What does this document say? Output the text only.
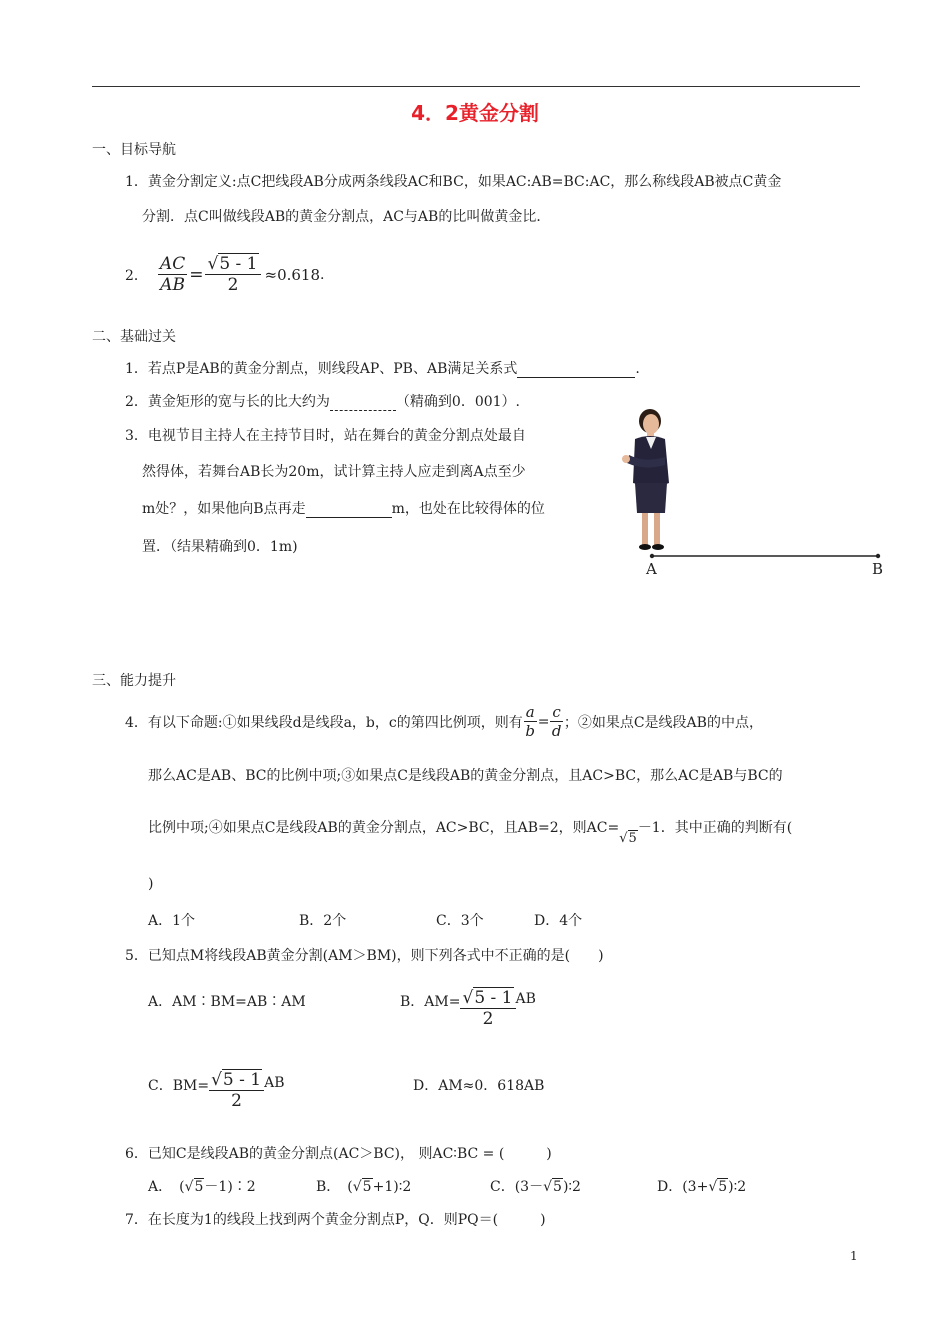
4．2黄金分割
一、目标导航
1．黄金分割定义:点C把线段AB分成两条线段AC和BC，如果AC:AB=BC:AC，那么称线段AB被点C黄金
分割．点C叫做线段AB的黄金分割点，AC与AB的比叫做黄金比．
2． $\frac{AC}{AB} = \frac{√5 - 1}{2} \approx 0.618$ .
二、基础过关
1．若点P是AB的黄金分割点，则线段AP、PB、AB满足关系式	.
2．黄金矩形的宽与长的比大约为	（精确到0．001）.
3．电视节目主持人在主持节目时，站在舞台的黄金分割点处最自
然得体，若舞台AB长为20m，试计算主持人应走到离A点至少
m处？，如果他向B点再走	m，也处在比较得体的位
置．（结果精确到0．1m)
A	B
三、能力提升
4．有以下命题:①如果线段d是线段a，b，c的第四比例项，则有 $\frac{a}{b} = \frac{c}{d}$ ；②如果点C是线段AB的中点，
那么AC是AB、BC的比例中项;③如果点C是线段AB的黄金分割点，且AC>BC，那么AC是AB与BC的
比例中项;④如果点C是线段AB的黄金分割点，AC>BC，且AB=2，则AC=√5－1．其中正确的判断有(
)
A．1个	B．2个	C．3个	D．4个
5．已知点M将线段AB黄金分割(AM＞BM)，则下列各式中不正确的是(　　)
A．AM∶BM=AB∶AM	B．$AM= \frac{√5 - 1}{2}$ AB
C．$BM= \frac{√5 - 1}{2}$ AB	D．AM≈0．618AB
6．已知C是线段AB的黄金分割点(AC＞BC)， 则AC∶BC = (　　　)
A．　(√5－1)∶2	B．　(√5+1)∶2	C．(3－√5)∶2	D．(3+√5)∶2
7．在长度为1的线段上找到两个黄金分割点P，Q．则PQ＝(　　　)
1
